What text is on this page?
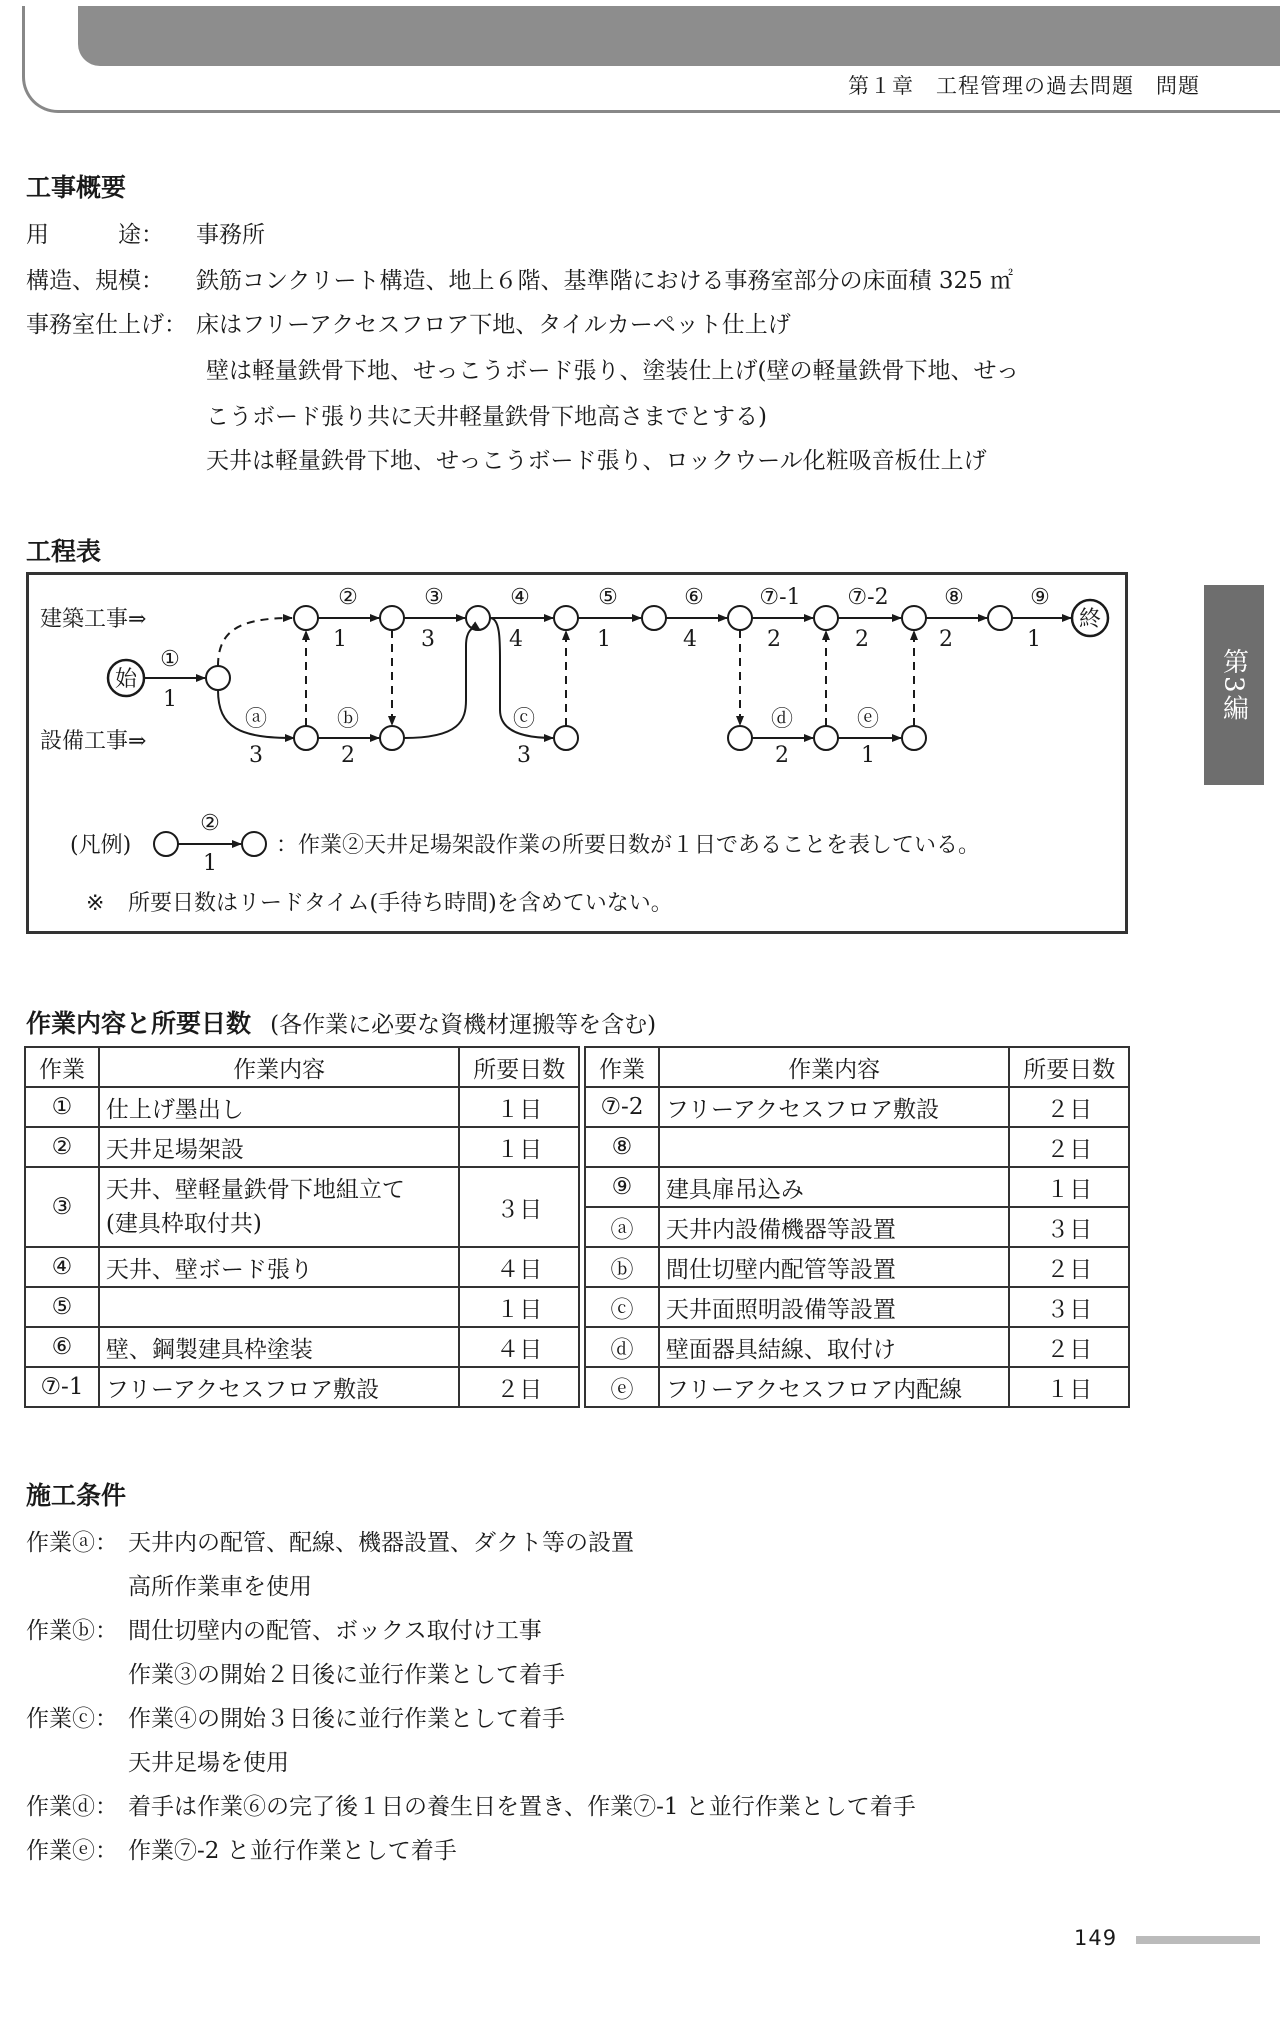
第１章　工程管理の過去問題　問題
第3編
工事概要
用　　　途： 事務所
構造、規模： 鉄筋コンクリート構造、地上６階、基準階における事務室部分の床面積 325 ㎡
事務室仕上げ： 床はフリーアクセスフロア下地、タイルカーペット仕上げ
壁は軽量鉄骨下地、せっこうボード張り、塗装仕上げ(壁の軽量鉄骨下地、せっ
こうボード張り共に天井軽量鉄骨下地高さまでとする)
天井は軽量鉄骨下地、せっこうボード張り、ロックウール化粧吸音板仕上げ
工程表
建築工事⇒
設備工事⇒
始
終
①
②	③	④	⑤	⑥	⑦-1 ⑦-2	⑧	⑨
1
1	3	4	1	4	2	2	2	1
ⓐ
3
ⓑ
2
ⓒ
3
ⓓ
2
ⓔ
1
(凡例)
②
1
：作業②天井足場架設作業の所要日数が１日であることを表している。
※ 所要日数はリードタイム(手待ち時間)を含めていない。
作業内容と所要日数 (各作業に必要な資機材運搬等を含む)
作業	作業内容	所要日数
①	仕上げ墨出し	１日
②	天井足場架設	１日
③	天井、壁軽量鉄骨下地組立て
(建具枠取付共)	３日
④	天井、壁ボード張り	４日
⑤		１日
⑥	壁、鋼製建具枠塗装	４日
⑦-1	フリーアクセスフロア敷設	２日
作業	作業内容	所要日数
⑦-2	フリーアクセスフロア敷設	２日
⑧		２日
⑨	建具扉吊込み	１日
ⓐ	天井内設備機器等設置	３日
ⓑ	間仕切壁内配管等設置	２日
ⓒ	天井面照明設備等設置	３日
ⓓ	壁面器具結線、取付け	２日
ⓔ	フリーアクセスフロア内配線	１日
施工条件
作業ⓐ： 天井内の配管、配線、機器設置、ダクト等の設置
高所作業車を使用
作業ⓑ： 間仕切壁内の配管、ボックス取付け工事
作業③の開始２日後に並行作業として着手
作業ⓒ： 作業④の開始３日後に並行作業として着手
天井足場を使用
作業ⓓ： 着手は作業⑥の完了後１日の養生日を置き、作業⑦-1 と並行作業として着手
作業ⓔ： 作業⑦-2 と並行作業として着手
149
